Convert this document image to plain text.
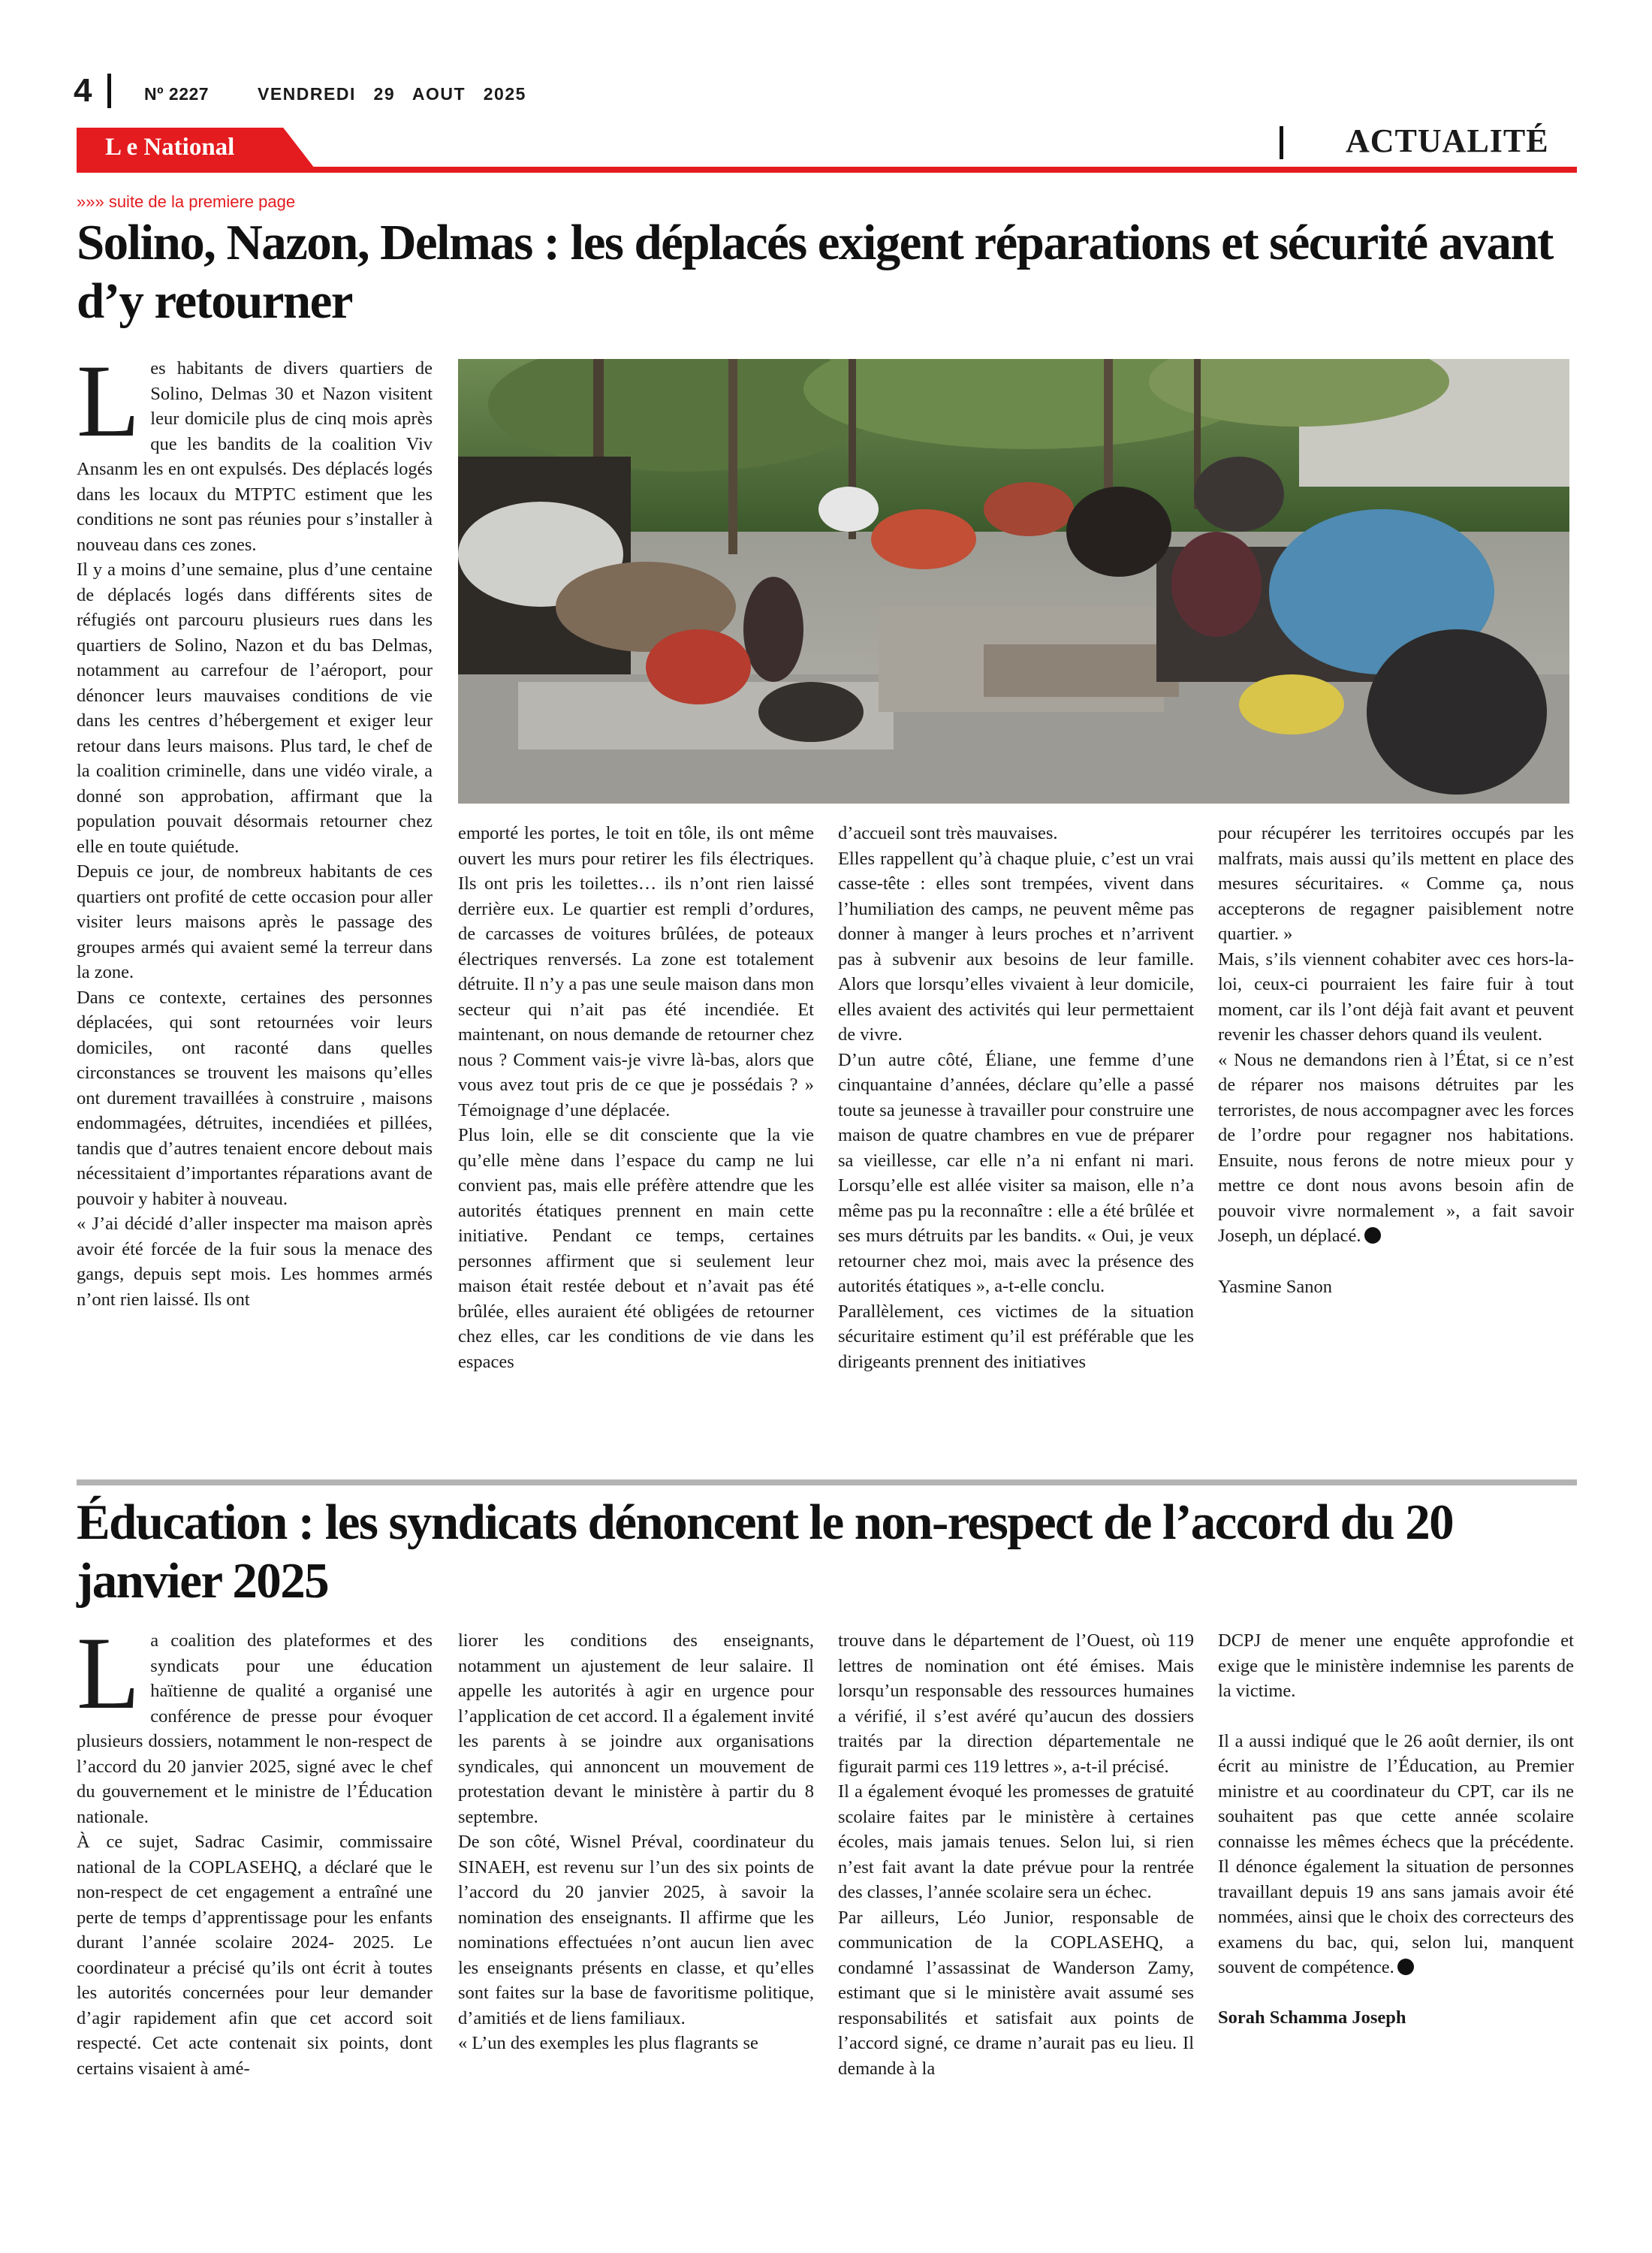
4	Nº 2227	VENDREDI   29   AOUT   2025
L e National	ACTUALITÉ
»»» suite de la premiere page
Solino, Nazon, Delmas : les déplacés exigent réparations et sécurité avant d’y retourner
L es habitants de divers quartiers de Solino, Delmas 30 et Nazon visitent leur domicile plus de cinq mois après que les bandits de la coalition Viv Ansanm les en ont expulsés. Des déplacés logés dans les locaux du MTPTC estiment que les conditions ne sont pas réunies pour s’installer à nouveau dans ces zones.

Il y a moins d’une semaine, plus d’une centaine de déplacés logés dans différents sites de réfugiés ont parcouru plusieurs rues dans les quartiers de Solino, Nazon et du bas Delmas, notamment au carrefour de l’aéroport, pour dénoncer leurs mauvaises conditions de vie dans les centres d’hébergement et exiger leur retour dans leurs maisons. Plus tard, le chef de la coalition criminelle, dans une vidéo virale, a donné son approbation, affirmant que la population pouvait désormais retourner chez elle en toute quiétude.

Depuis ce jour, de nombreux habitants de ces quartiers ont profité de cette occasion pour aller visiter leurs maisons après le passage des groupes armés qui avaient semé la terreur dans la zone.

Dans ce contexte, certaines des personnes déplacées, qui sont retournées voir leurs domiciles, ont raconté dans quelles circonstances se trouvent les maisons qu’elles ont durement travaillées à construire , maisons endommagées, détruites, incendiées et pillées, tandis que d’autres tenaient encore debout mais nécessitaient d’importantes réparations avant de pouvoir y habiter à nouveau.

« J’ai décidé d’aller inspecter ma maison après avoir été forcée de la fuir sous la menace des gangs, depuis sept mois. Les hommes armés n’ont rien laissé. Ils ont

emporté les portes, le toit en tôle, ils ont même ouvert les murs pour retirer les fils électriques. Ils ont pris les toilettes… ils n’ont rien laissé derrière eux. Le quartier est rempli d’ordures, de carcasses de voitures brûlées, de poteaux électriques renversés. La zone est totalement détruite. Il n’y a pas une seule maison dans mon secteur qui n’ait pas été incendiée. Et maintenant, on nous demande de retourner chez nous ? Comment vais-je vivre là-bas, alors que vous avez tout pris de ce que je possédais ? » Témoignage d’une déplacée.

Plus loin, elle se dit consciente que la vie qu’elle mène dans l’espace du camp ne lui convient pas, mais elle préfère attendre que les autorités étatiques prennent en main cette initiative. Pendant ce temps, certaines personnes affirment que si seulement leur maison était restée debout et n’avait pas été brûlée, elles auraient été obligées de retourner chez elles, car les conditions de vie dans les espaces

d’accueil sont très mauvaises.

Elles rappellent qu’à chaque pluie, c’est un vrai casse-tête : elles sont trempées, vivent dans l’humiliation des camps, ne peuvent même pas donner à manger à leurs proches et n’arrivent pas à subvenir aux besoins de leur famille. Alors que lorsqu’elles vivaient à leur domicile, elles avaient des activités qui leur permettaient de vivre.

D’un autre côté, Éliane, une femme d’une cinquantaine d’années, déclare qu’elle a passé toute sa jeunesse à travailler pour construire une maison de quatre chambres en vue de préparer sa vieillesse, car elle n’a ni enfant ni mari. Lorsqu’elle est allée visiter sa maison, elle n’a même pas pu la reconnaître : elle a été brûlée et ses murs détruits par les bandits. « Oui, je veux retourner chez moi, mais avec la présence des autorités étatiques », a-t-elle conclu.

Parallèlement, ces victimes de la situation sécuritaire estiment qu’il est préférable que les dirigeants prennent des initiatives

pour récupérer les territoires occupés par les malfrats, mais aussi qu’ils mettent en place des mesures sécuritaires. « Comme ça, nous accepterons de regagner paisiblement notre quartier. »

Mais, s’ils viennent cohabiter avec ces hors-la-loi, ceux-ci pourraient les faire fuir à tout moment, car ils l’ont déjà fait avant et peuvent revenir les chasser dehors quand ils veulent.

« Nous ne demandons rien à l’État, si ce n’est de réparer nos maisons détruites par les terroristes, de nous accompagner avec les forces de l’ordre pour regagner nos habitations. Ensuite, nous ferons de notre mieux pour y mettre ce dont nous avons besoin afin de pouvoir vivre normalement », a fait savoir Joseph, un déplacé.

Yasmine Sanon

Éducation : les syndicats dénoncent le non-respect de l’accord du 20 janvier 2025
L a coalition des plateformes et des syndicats pour une éducation haïtienne de qualité a organisé une conférence de presse pour évoquer plusieurs dossiers, notamment le non-respect de l’accord du 20 janvier 2025, signé avec le chef du gouvernement et le ministre de l’Éducation nationale.

À ce sujet, Sadrac Casimir, commissaire national de la COPLASEHQ, a déclaré que le non-respect de cet engagement a entraîné une perte de temps d’apprentissage pour les enfants durant l’année scolaire 2024- 2025. Le coordinateur a précisé qu’ils ont écrit à toutes les autorités concernées pour leur demander d’agir rapidement afin que cet accord soit respecté. Cet acte contenait six points, dont certains visaient à amé-

liorer les conditions des enseignants, notamment un ajustement de leur salaire. Il appelle les autorités à agir en urgence pour l’application de cet accord. Il a également invité les parents à se joindre aux organisations syndicales, qui annoncent un mouvement de protestation devant le ministère à partir du 8 septembre.

De son côté, Wisnel Préval, coordinateur du SINAEH, est revenu sur l’un des six points de l’accord du 20 janvier 2025, à savoir la nomination des enseignants. Il affirme que les nominations effectuées n’ont aucun lien avec les enseignants présents en classe, et qu’elles sont faites sur la base de favoritisme politique, d’amitiés et de liens familiaux.

« L’un des exemples les plus flagrants se

trouve dans le département de l’Ouest, où 119 lettres de nomination ont été émises. Mais lorsqu’un responsable des ressources humaines a vérifié, il s’est avéré qu’aucun des dossiers traités par la direction départementale ne figurait parmi ces 119 lettres », a-t-il précisé.

Il a également évoqué les promesses de gratuité scolaire faites par le ministère à certaines écoles, mais jamais tenues. Selon lui, si rien n’est fait avant la date prévue pour la rentrée des classes, l’année scolaire sera un échec.

Par ailleurs, Léo Junior, responsable de communication de la COPLASEHQ, a condamné l’assassinat de Wanderson Zamy, estimant que si le ministère avait assumé ses responsabilités et satisfait aux points de l’accord signé, ce drame n’aurait pas eu lieu. Il demande à la

DCPJ de mener une enquête approfondie et exige que le ministère indemnise les parents de la victime.

Il a aussi indiqué que le 26 août dernier, ils ont écrit au ministre de l’Éducation, au Premier ministre et au coordinateur du CPT, car ils ne souhaitent pas que cette année scolaire connaisse les mêmes échecs que la précédente. Il dénonce également la situation de personnes travaillant depuis 19 ans sans jamais avoir été nommées, ainsi que le choix des correcteurs des examens du bac, qui, selon lui, manquent souvent de compétence.

Sorah Schamma Joseph
